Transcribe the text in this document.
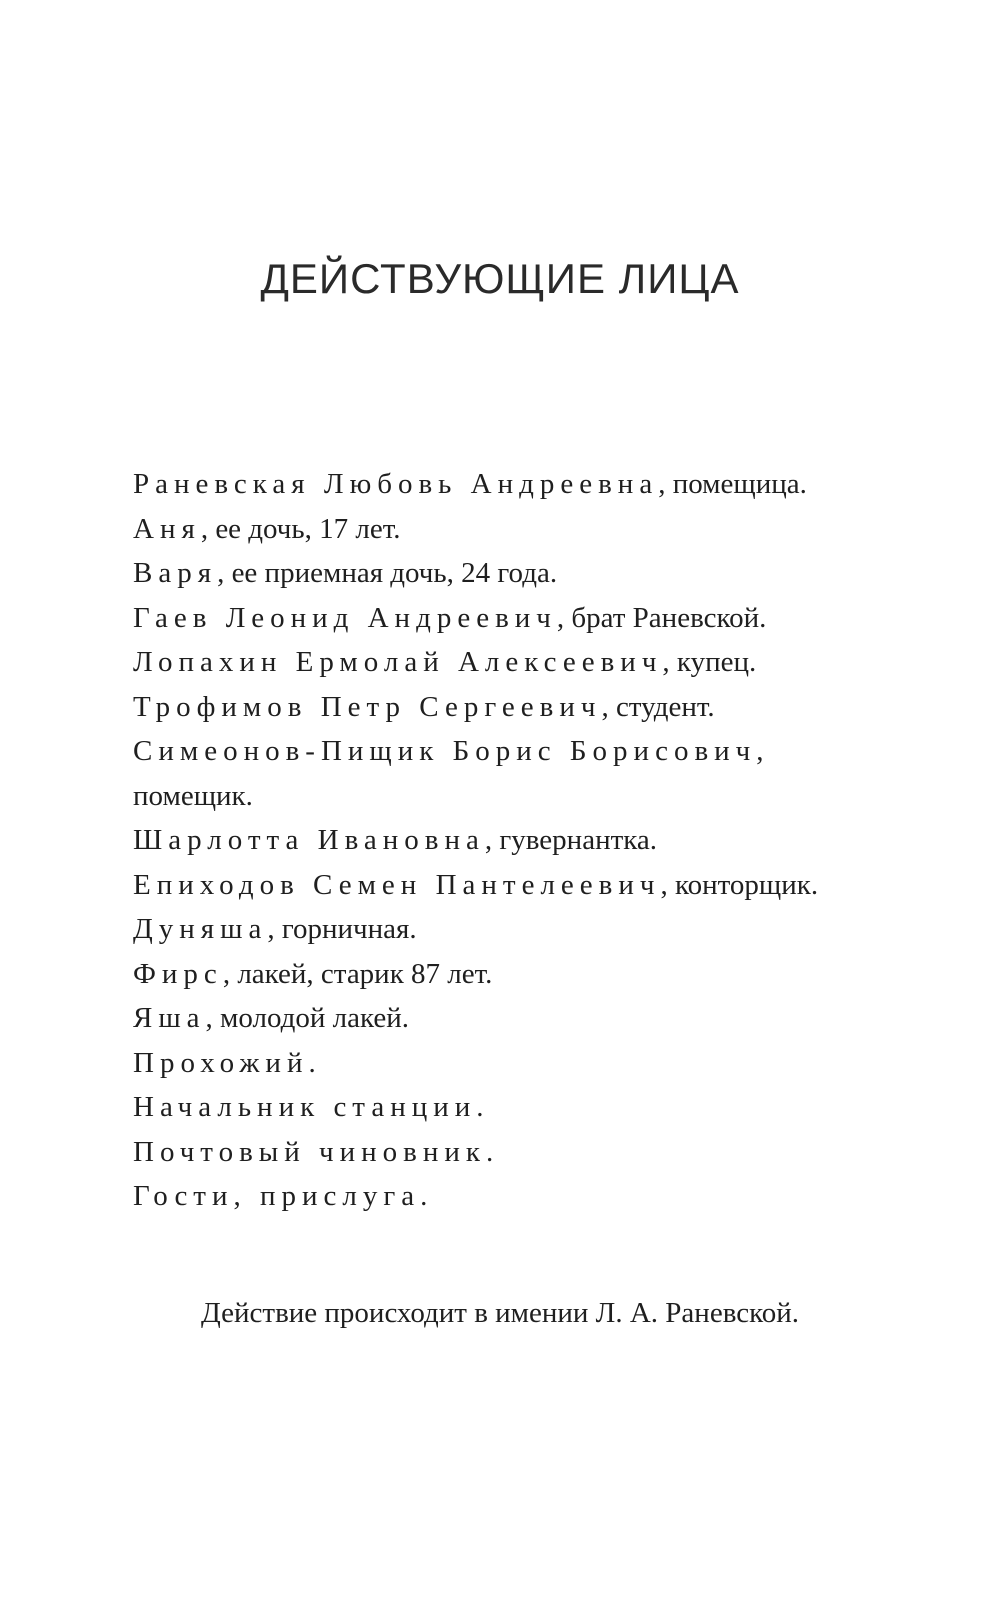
ДЕЙСТВУЮЩИЕ ЛИЦА
Раневская Любовь Андреевна, помещица.
Аня, ее дочь, 17 лет.
Варя, ее приемная дочь, 24 года.
Гаев Леонид Андреевич, брат Раневской.
Лопахин Ермолай Алексеевич, купец.
Трофимов Петр Сергеевич, студент.
Симеонов-Пищик Борис Борисович,
помещик.
Шарлотта Ивановна, гувернантка.
Епиходов Семен Пантелеевич, конторщик.
Дуняша, горничная.
Фирс, лакей, старик 87 лет.
Яша, молодой лакей.
Прохожий.
Начальник станции.
Почтовый чиновник.
Гости, прислуга.

Действие происходит в имении Л. А. Раневской.
